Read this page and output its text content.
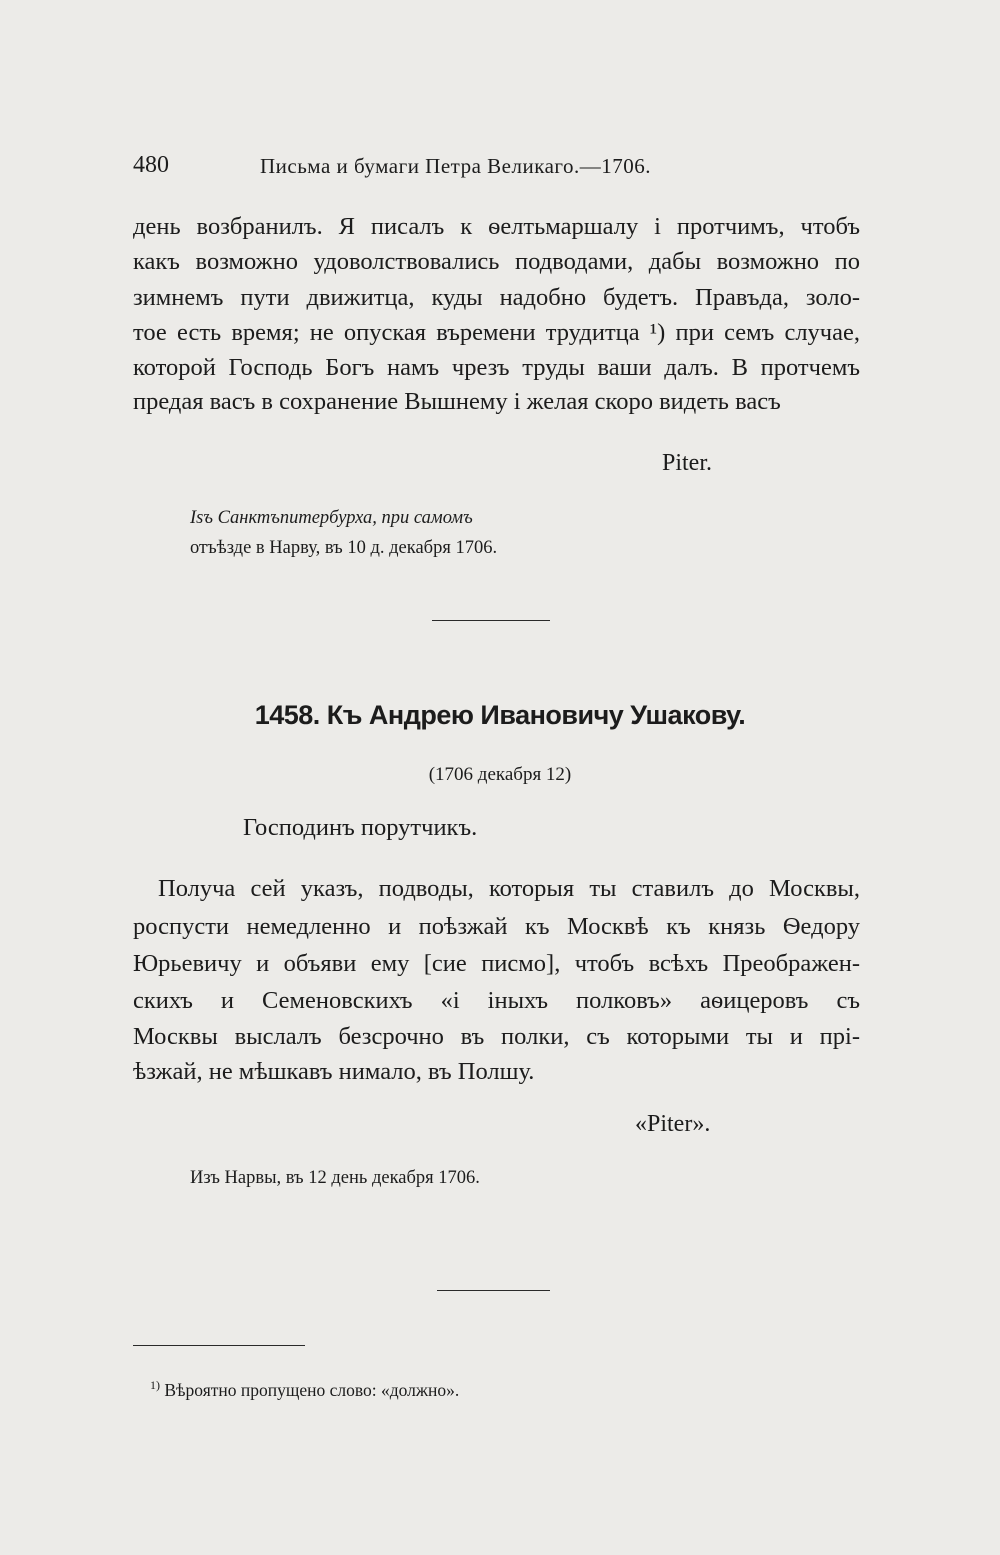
480	Письма и бумаги Петра Великаго.—1706.
день возбранилъ. Я писалъ к ѳелтьмаршалу і протчимъ, чтобъ
какъ возможно удоволствовались подводами, дабы возможно по
зимнемъ пути движитца, куды надобно будетъ. Правъда, золо-
тое есть время; не опуская въремени трудитца ¹) при семъ случае,
которой Господь Богъ намъ чрезъ труды ваши далъ. В протчемъ
предая васъ в сохранение Вышнему і желая скоро видеть васъ
Piter.
Іsъ Санктъпитербурха, при самомъ
отъѣзде в Нарву, въ 10 д. декабря 1706.
1458. Къ Андрею Ивановичу Ушакову.
(1706 декабря 12)
Господинъ порутчикъ.
Получа сей указъ, подводы, которыя ты ставилъ до Москвы,
роспусти немедленно и поѣзжай къ Москвѣ къ князь Ѳедору
Юрьевичу и объяви ему [сие писмо], чтобъ всѣхъ Преображен-
скихъ и Семеновскихъ «і іныхъ полковъ» аѳицеровъ съ
Москвы выслалъ безсрочно въ полки, съ которыми ты и прі-
ѣзжай, не мѣшкавъ нимало, въ Полшу.
«Piter».
Изъ Нарвы, въ 12 день декабря 1706.
$^{1)}$ Вѣроятно пропущено слово: «должно».
